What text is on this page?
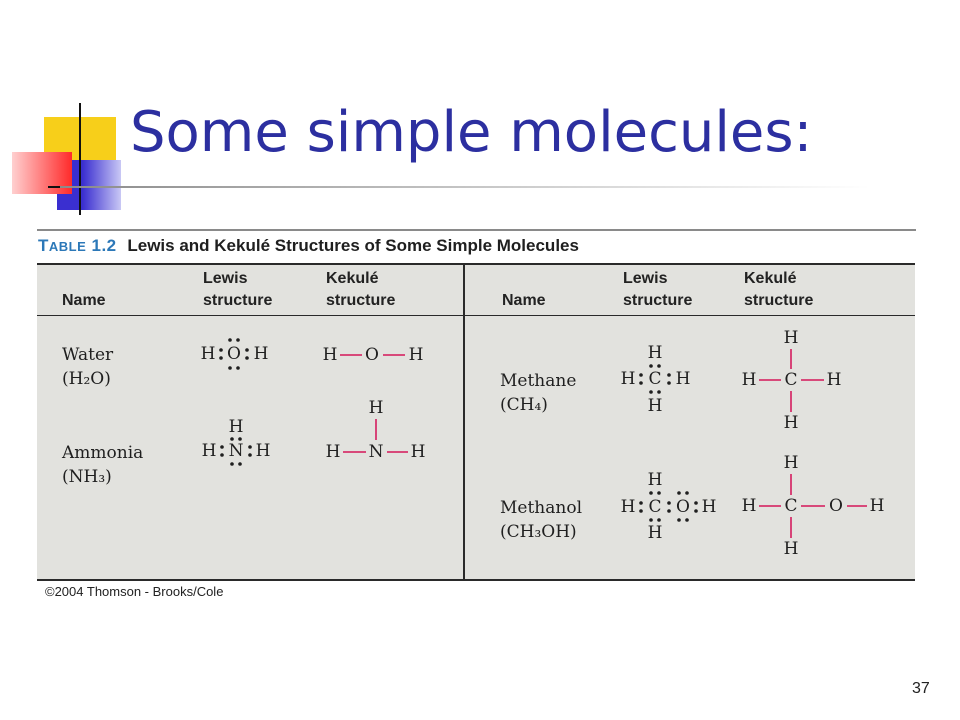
Some simple molecules:
TABLE 1.2 Lewis and Kekulé Structures of Some Simple Molecules

Name

Lewis
structure

Kekulé
structure	Name

Lewis
structure

Kekulé
structure

Water
(H₂O)
Ammonia
(NH₃)
Methane
(CH₄)
Methanol
(CH₃OH)
H O H	H O H
H
H N H
H
H N H
H
H C H
H
H
H C H
H
H
H C O H
H
H
H C O H
H
©2004 Thomson - Brooks/Cole
37
